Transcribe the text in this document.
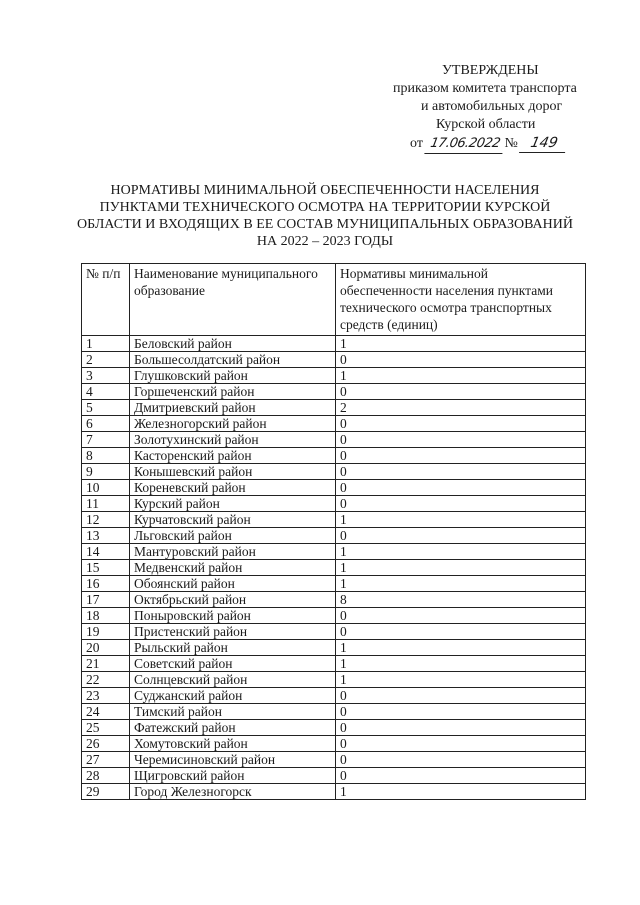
УТВЕРЖДЕНЫ
приказом комитета транспорта
и автомобильных дорог
Курской области
от 17.06.2022 № 149
НОРМАТИВЫ МИНИМАЛЬНОЙ ОБЕСПЕЧЕННОСТИ НАСЕЛЕНИЯ
ПУНКТАМИ ТЕХНИЧЕСКОГО ОСМОТРА НА ТЕРРИТОРИИ КУРСКОЙ
ОБЛАСТИ И ВХОДЯЩИХ В ЕЕ СОСТАВ МУНИЦИПАЛЬНЫХ ОБРАЗОВАНИЙ
НА 2022 – 2023 ГОДЫ
№ п/п	Наименование муниципального образование	Нормативы минимальной обеспеченности населения пунктами технического осмотра транспортных средств (единиц)
1	Беловский район	1
2	Большесолдатский район	0
3	Глушковский район	1
4	Горшеченский район	0
5	Дмитриевский район	2
6	Железногорский район	0
7	Золотухинский район	0
8	Касторенский район	0
9	Конышевский район	0
10	Кореневский район	0
11	Курский район	0
12	Курчатовский район	1
13	Льговский район	0
14	Мантуровский район	1
15	Медвенский район	1
16	Обоянский район	1
17	Октябрьский район	8
18	Поныровский район	0
19	Пристенский район	0
20	Рыльский район	1
21	Советский район	1
22	Солнцевский район	1
23	Суджанский район	0
24	Тимский район	0
25	Фатежский район	0
26	Хомутовский район	0
27	Черемисиновский район	0
28	Щигровский район	0
29	Город Железногорск	1
